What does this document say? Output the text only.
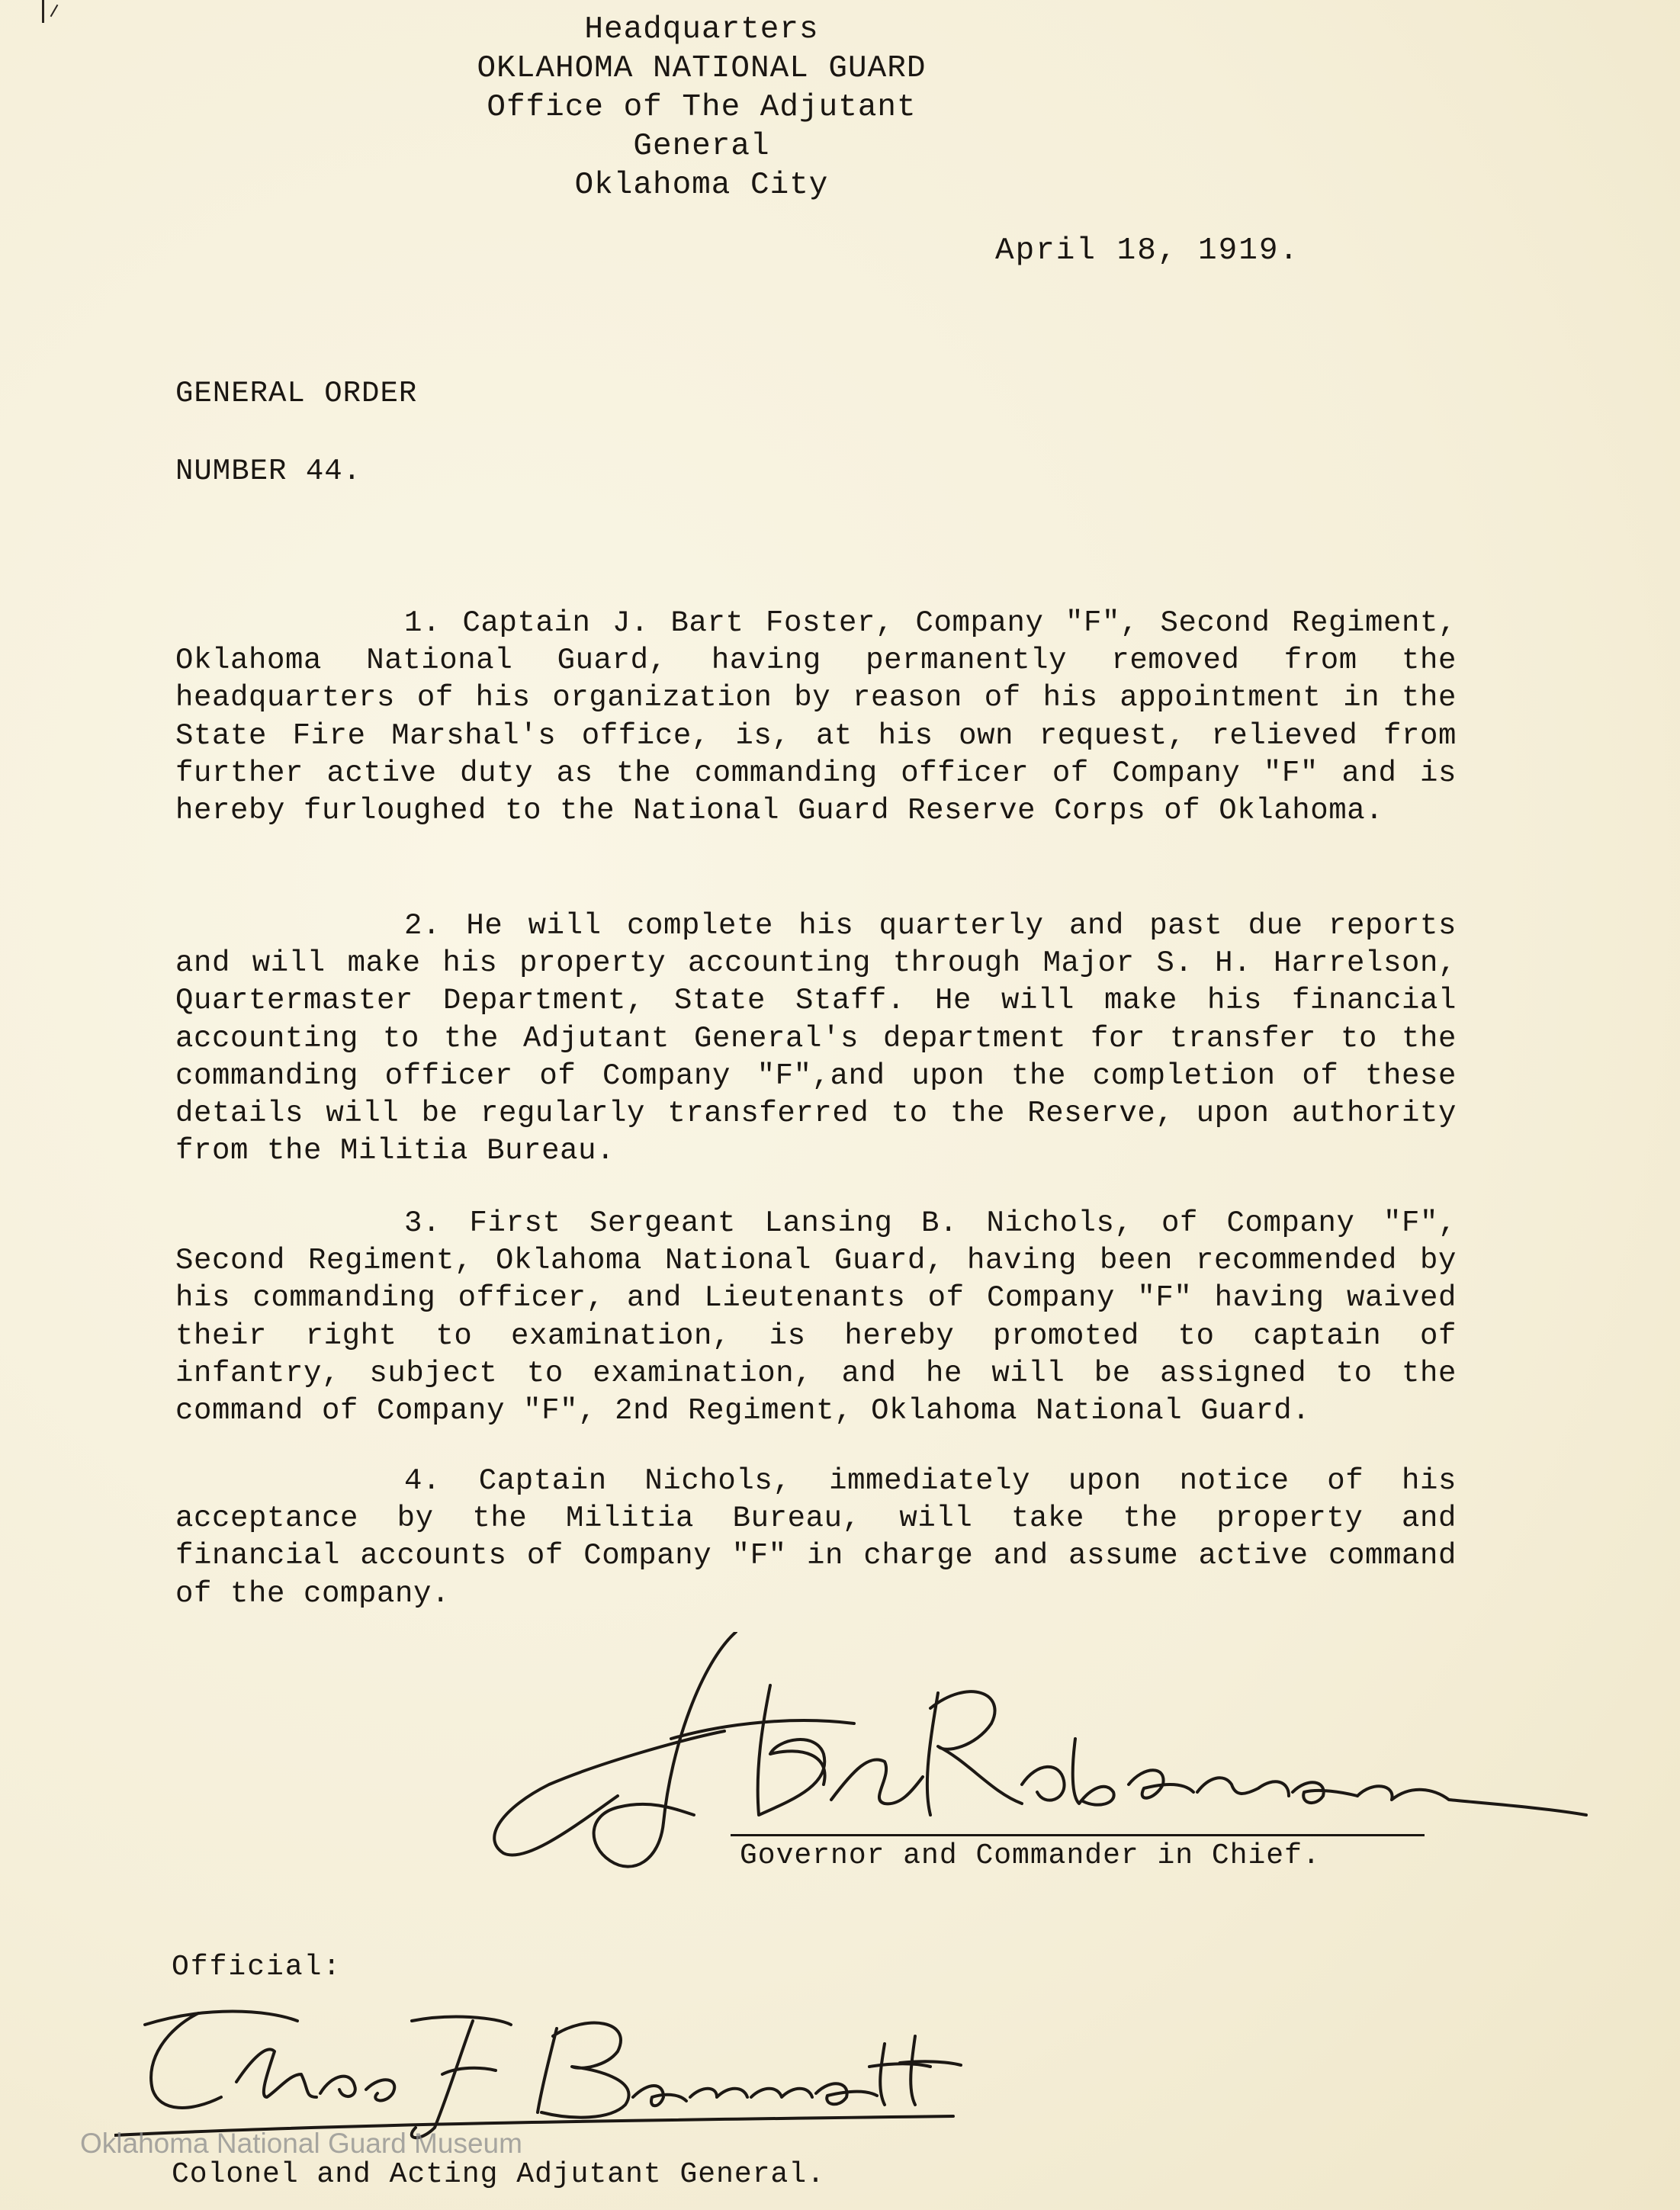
Headquarters
OKLAHOMA NATIONAL GUARD
Office of The Adjutant General
Oklahoma City
April 18, 1919.
GENERAL ORDER
NUMBER 44.

1. Captain J. Bart Foster, Company "F", Second Regiment, Oklahoma National Guard, having permanently removed from the headquarters of his organization by reason of his appointment in the State Fire Marshal's office, is, at his own request, relieved from further active duty as the commanding officer of Company "F" and is hereby furloughed to the National Guard Reserve Corps of Oklahoma.

2. He will complete his quarterly and past due reports and will make his property accounting through Major S. H. Harrelson, Quartermaster Department, State Staff. He will make his financial accounting to the Adjutant General's department for transfer to the commanding officer of Company "F",and upon the completion of these details will be regularly transferred to the Reserve, upon authority from the Militia Bureau.

3. First Sergeant Lansing B. Nichols, of Company "F", Second Regiment, Oklahoma National Guard, having been recommended by his commanding officer, and Lieutenants of Company "F" having waived their right to examination, is hereby promoted to captain of infantry, subject to examination, and he will be assigned to the command of Company "F", 2nd Regiment, Oklahoma National Guard.

4. Captain Nichols, immediately upon notice of his acceptance by the Militia Bureau, will take the property and financial accounts of Company "F" in charge and assume active command of the company.

Governor and Commander in Chief.
Official:
Oklahoma National Guard Museum
Colonel and Acting Adjutant General.
